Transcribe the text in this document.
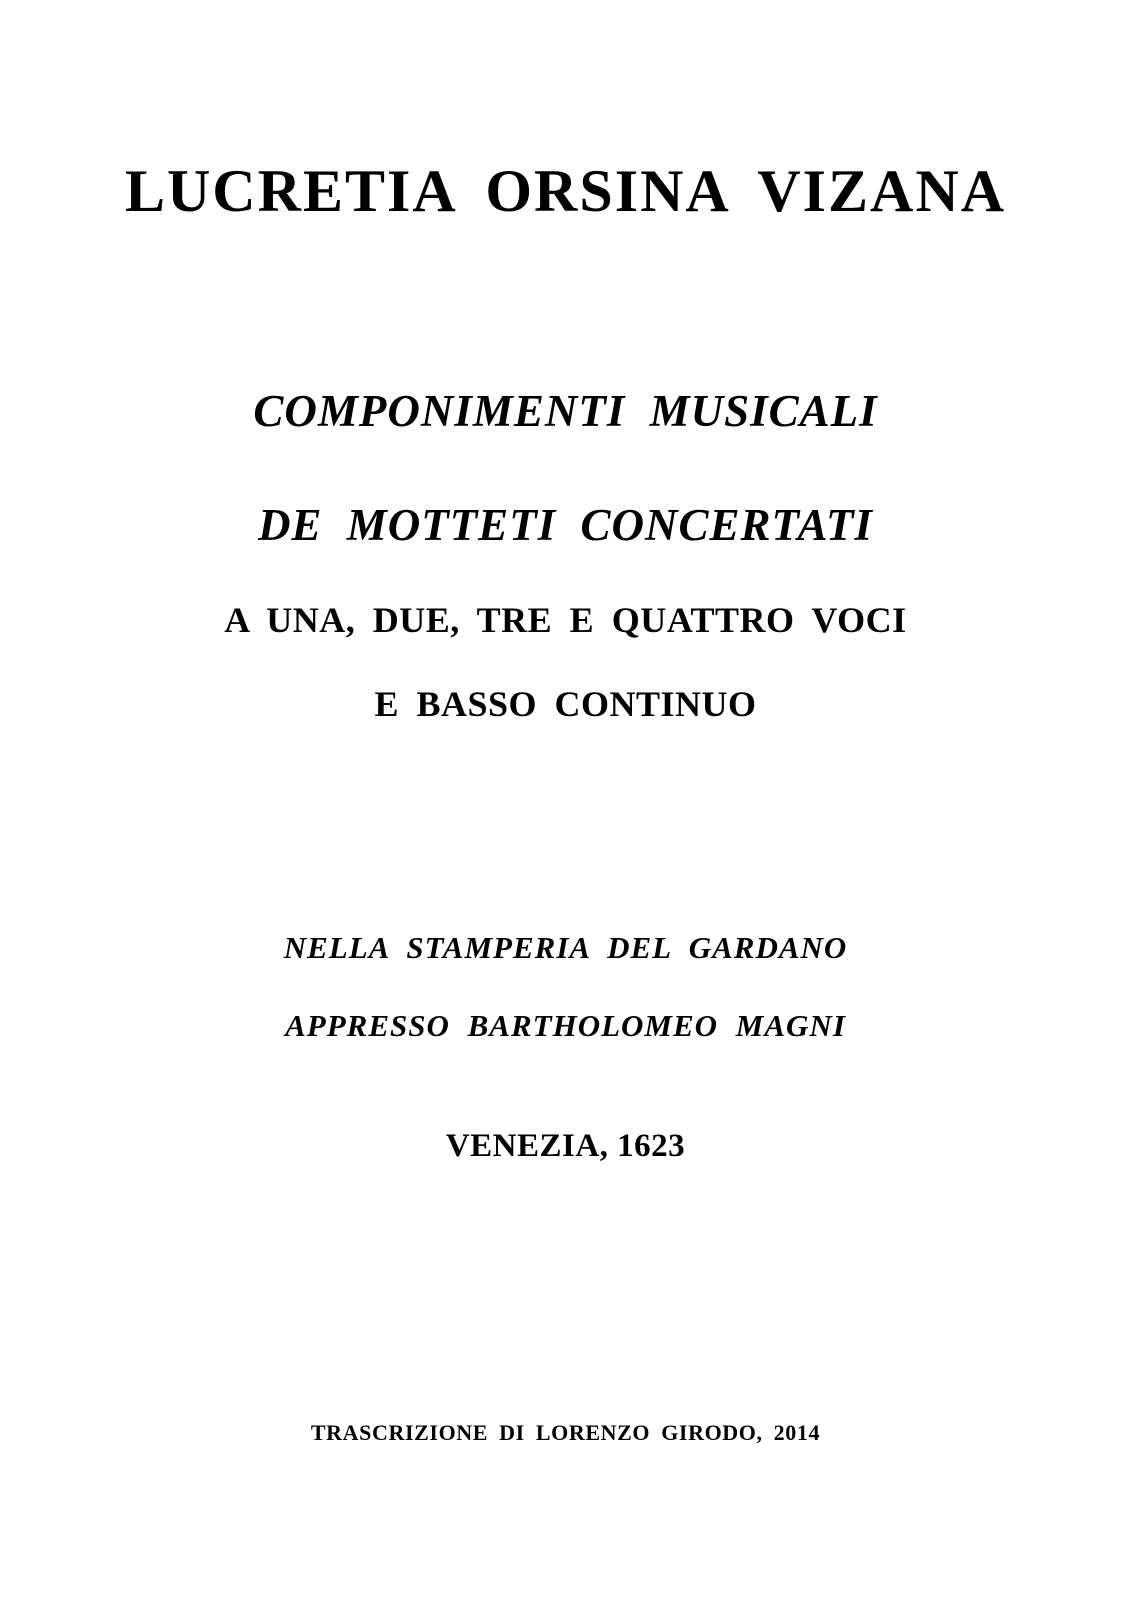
LUCRETIA ORSINA VIZANA
COMPONIMENTI MUSICALI
DE MOTTETI CONCERTATI
A UNA, DUE, TRE E QUATTRO VOCI
E BASSO CONTINUO
NELLA STAMPERIA DEL GARDANO
APPRESSO BARTHOLOMEO MAGNI
VENEZIA, 1623
TRASCRIZIONE DI LORENZO GIRODO, 2014
